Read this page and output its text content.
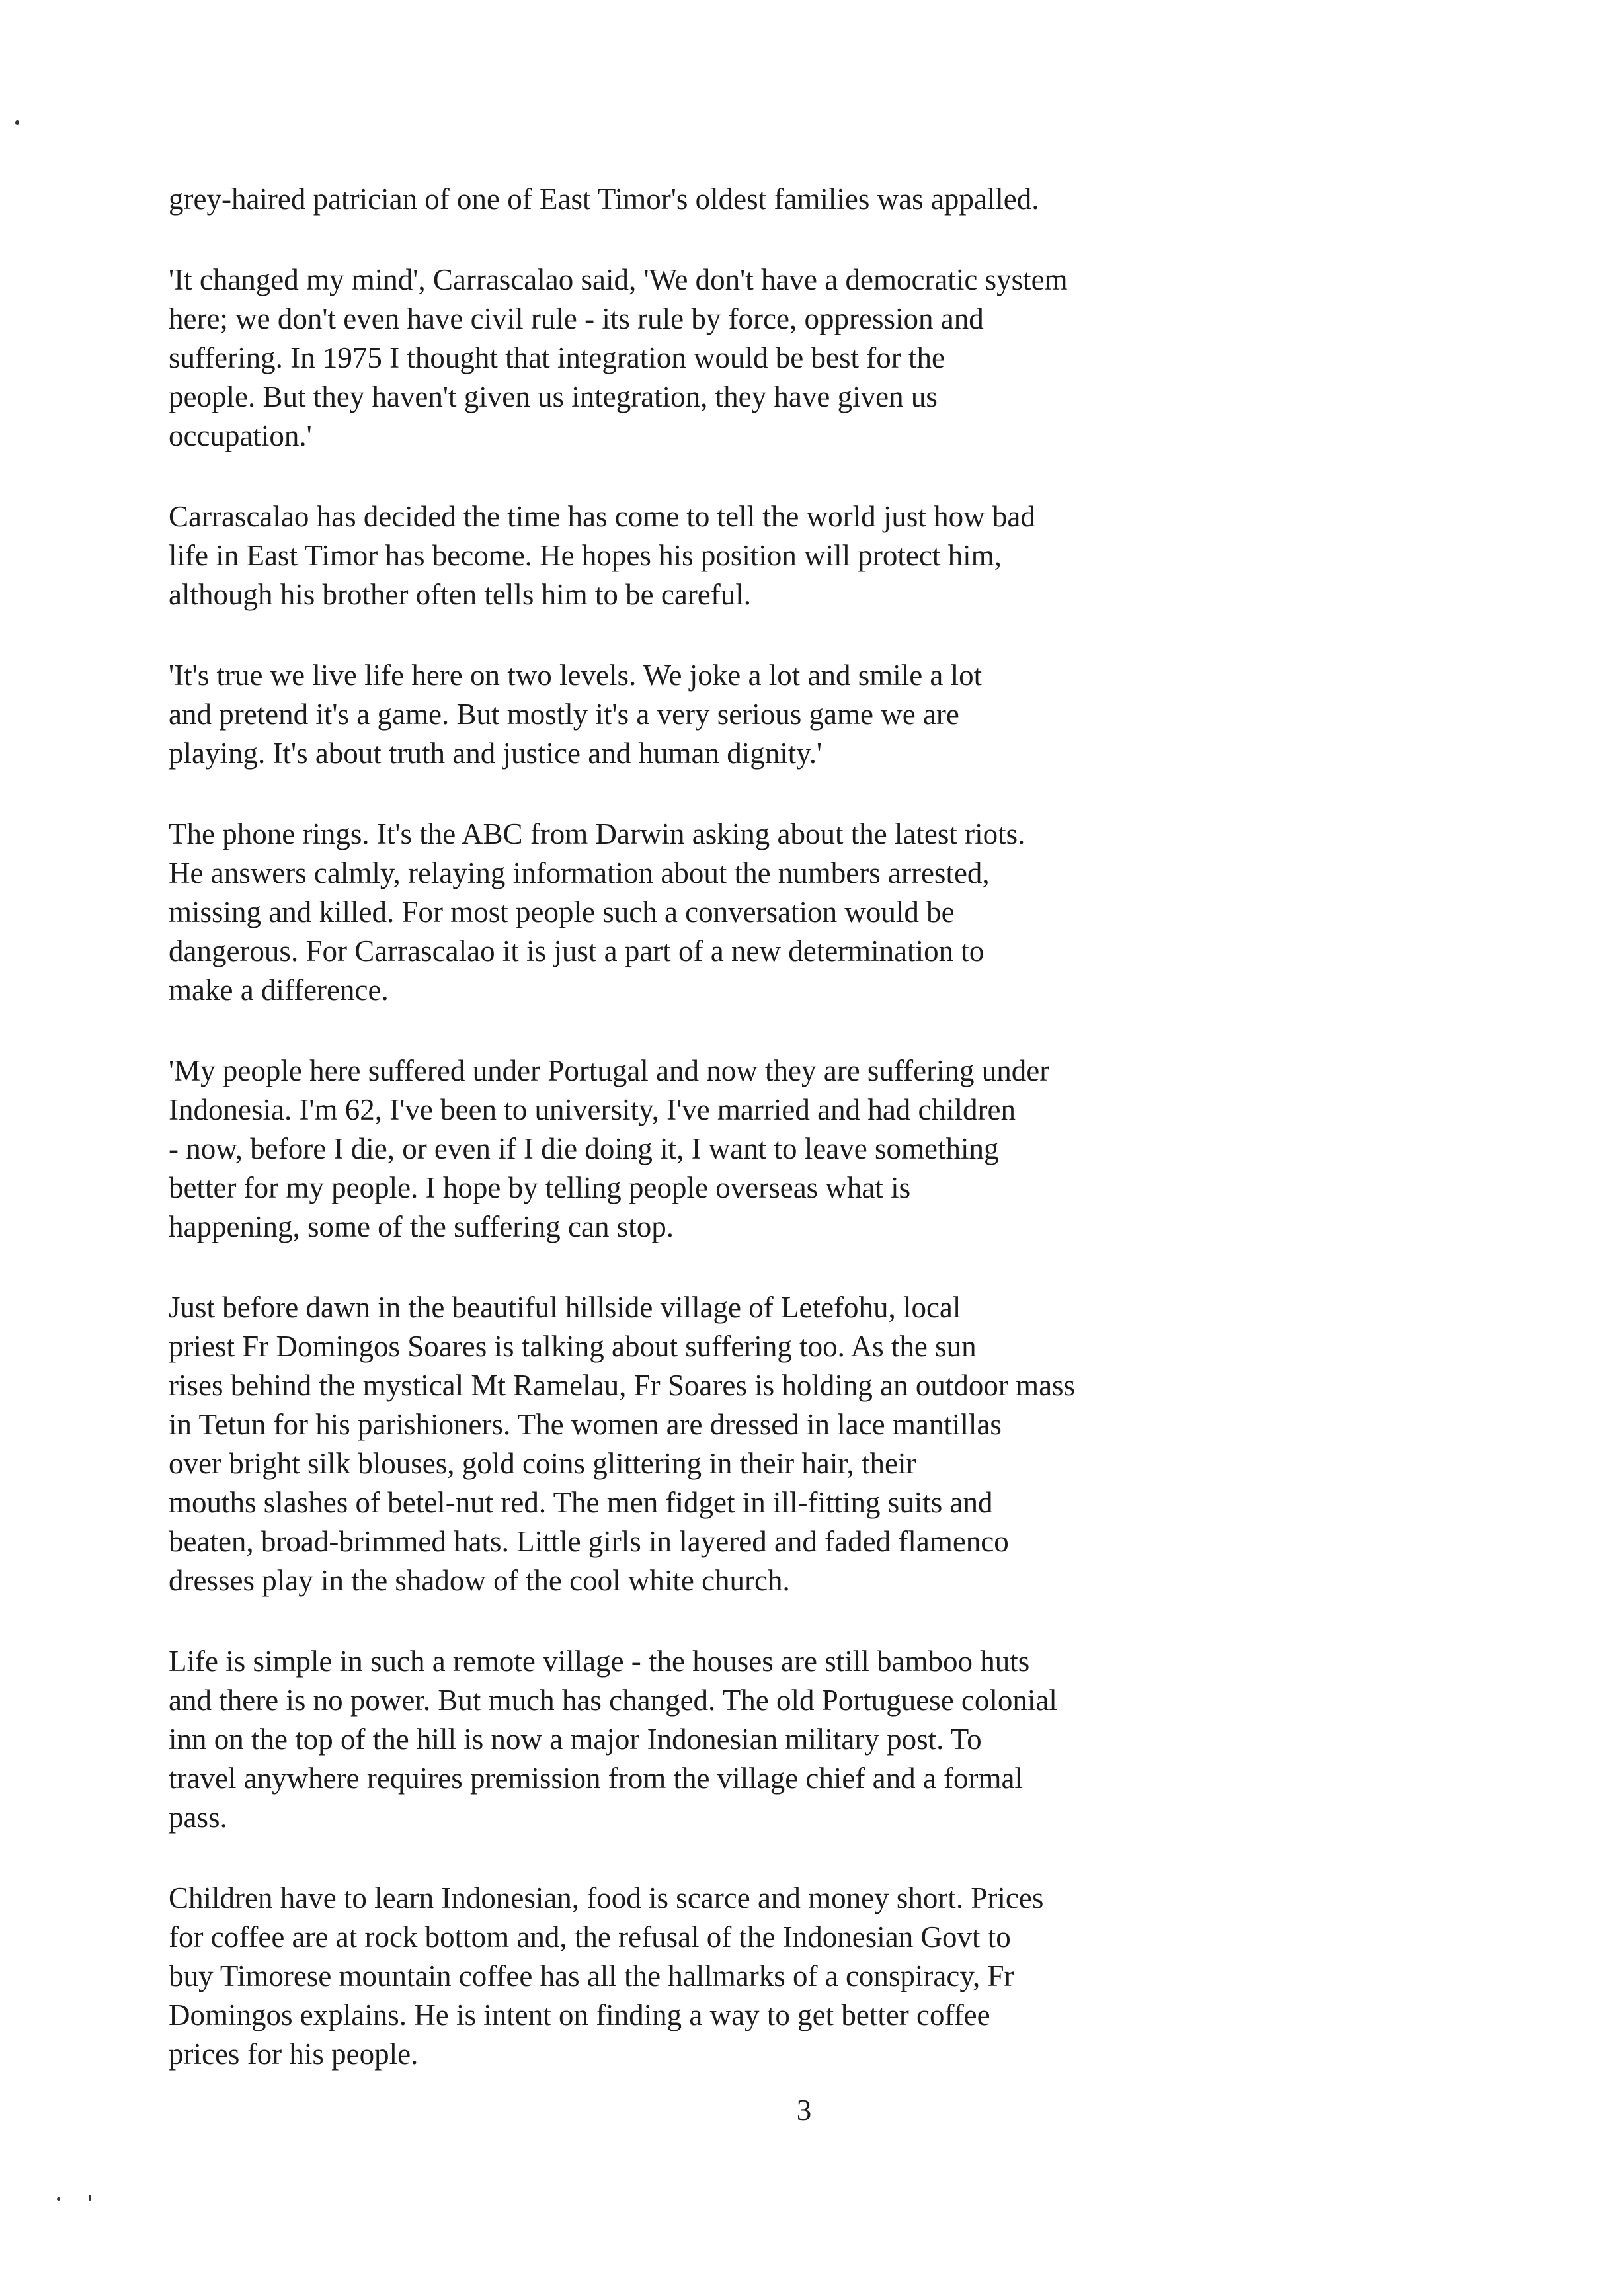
grey-haired patrician of one of East Timor's oldest families was appalled.

'It changed my mind', Carrascalao said, 'We don't have a democratic system
here; we don't even have civil rule - its rule by force, oppression and
suffering. In 1975 I thought that integration would be best for the
people. But they haven't given us integration, they have given us
occupation.'

Carrascalao has decided the time has come to tell the world just how bad
life in East Timor has become. He hopes his position will protect him,
although his brother often tells him to be careful.

'It's true we live life here on two levels. We joke a lot and smile a lot
and pretend it's a game. But mostly it's a very serious game we are
playing. It's about truth and justice and human dignity.'

The phone rings. It's the ABC from Darwin asking about the latest riots.
He answers calmly, relaying information about the numbers arrested,
missing and killed. For most people such a conversation would be
dangerous. For Carrascalao it is just a part of a new determination to
make a difference.

'My people here suffered under Portugal and now they are suffering under
Indonesia. I'm 62, I've been to university, I've married and had children
- now, before I die, or even if I die doing it, I want to leave something
better for my people. I hope by telling people overseas what is
happening, some of the suffering can stop.

Just before dawn in the beautiful hillside village of Letefohu, local
priest Fr Domingos Soares is talking about suffering too. As the sun
rises behind the mystical Mt Ramelau, Fr Soares is holding an outdoor mass
in Tetun for his parishioners. The women are dressed in lace mantillas
over bright silk blouses, gold coins glittering in their hair, their
mouths slashes of betel-nut red. The men fidget in ill-fitting suits and
beaten, broad-brimmed hats. Little girls in layered and faded flamenco
dresses play in the shadow of the cool white church.

Life is simple in such a remote village - the houses are still bamboo huts
and there is no power. But much has changed. The old Portuguese colonial
inn on the top of the hill is now a major Indonesian military post. To
travel anywhere requires premission from the village chief and a formal
pass.

Children have to learn Indonesian, food is scarce and money short. Prices
for coffee are at rock bottom and, the refusal of the Indonesian Govt to
buy Timorese mountain coffee has all the hallmarks of a conspiracy, Fr
Domingos explains. He is intent on finding a way to get better coffee
prices for his people.

3
